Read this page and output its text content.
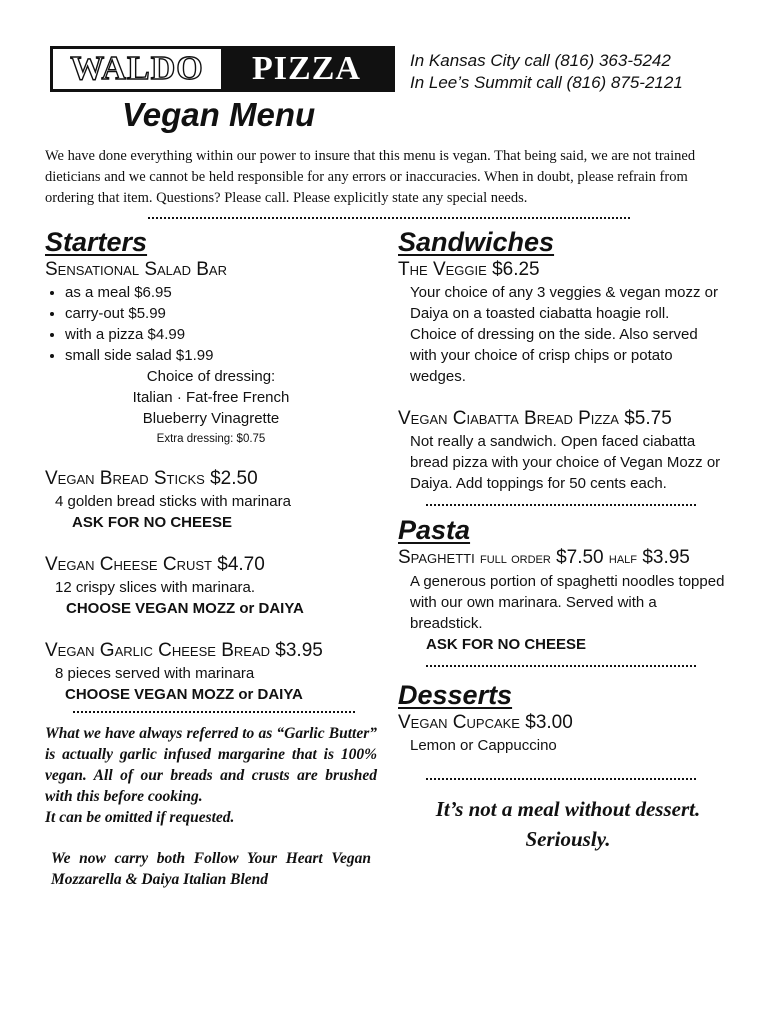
WALDO	PIZZA	In Kansas City call (816) 363-5242
In Lee’s Summit call (816) 875-2121
Vegan Menu
We have done everything within our power to insure that this menu is vegan. That being said, we are not trained dieticians and we cannot be held responsible for any errors or inaccuracies. When in doubt, please refrain from ordering that item. Questions? Please call. Please explicitly state any special needs.
Starters
Sensational Salad Bar
• as a meal $6.95
• carry-out $5.99
• with a pizza $4.99
• small side salad $1.99
Choice of dressing:
Italian · Fat-free French
Blueberry Vinagrette
Extra dressing: $0.75
Vegan Bread Sticks $2.50
4 golden bread sticks with marinara
ASK FOR NO CHEESE
Vegan Cheese Crust $4.70
12 crispy slices with marinara.
CHOOSE VEGAN MOZZ or DAIYA
Vegan Garlic Cheese Bread $3.95
8 pieces served with marinara
CHOOSE VEGAN MOZZ or DAIYA

What we have always referred to as “Garlic Butter” is actually garlic infused margarine that is 100% vegan. All of our breads and crusts are brushed with this before cooking.

It can be omitted if requested.

We now carry both Follow Your Heart Vegan Mozzarella & Daiya Italian Blend

Sandwiches
The Veggie $6.25
Your choice of any 3 veggies & vegan mozz or Daiya on a toasted ciabatta hoagie roll. Choice of dressing on the side. Also served with your choice of crisp chips or potato wedges.
Vegan Ciabatta Bread Pizza $5.75
Not really a sandwich. Open faced ciabatta bread pizza with your choice of Vegan Mozz or Daiya. Add toppings for 50 cents each.
Pasta
Spaghetti full order $7.50 half $3.95
A generous portion of spaghetti noodles topped with our own marinara. Served with a breadstick.
ASK FOR NO CHEESE
Desserts
Vegan Cupcake $3.00
Lemon or Cappuccino
It’s not a meal without dessert.
Seriously.
